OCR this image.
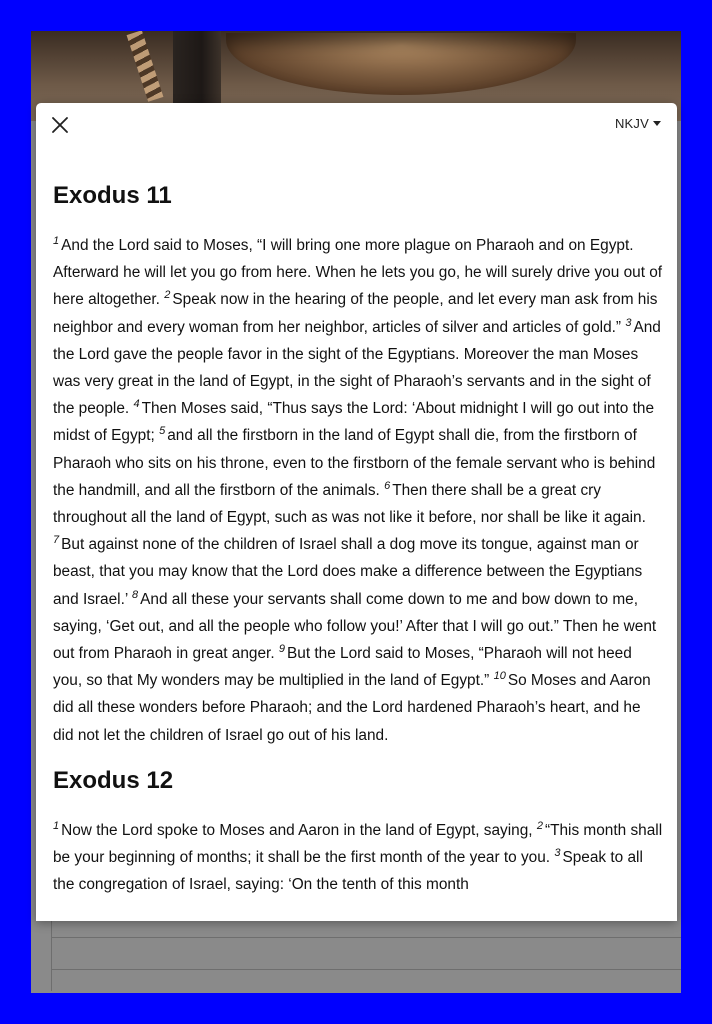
NKJV
Exodus 11

$^1$ And the Lord said to Moses, “I will bring one more plague on Pharaoh and on Egypt. Afterward he will let you go from here. When he lets you go, he will surely drive you out of here altogether. $^2$ Speak now in the hearing of the people, and let every man ask from his neighbor and every woman from her neighbor, articles of silver and articles of gold.” $^3$ And the Lord gave the people favor in the sight of the Egyptians. Moreover the man Moses was very great in the land of Egypt, in the sight of Pharaoh’s servants and in the sight of the people. $^4$ Then Moses said, “Thus says the Lord: ‘About midnight I will go out into the midst of Egypt; $^5$ and all the firstborn in the land of Egypt shall die, from the firstborn of Pharaoh who sits on his throne, even to the firstborn of the female servant who is behind the handmill, and all the firstborn of the animals. $^6$ Then there shall be a great cry throughout all the land of Egypt, such as was not like it before, nor shall be like it again. $^7$ But against none of the children of Israel shall a dog move its tongue, against man or beast, that you may know that the Lord does make a difference between the Egyptians and Israel.’ $^8$ And all these your servants shall come down to me and bow down to me, saying, ‘Get out, and all the people who follow you!’ After that I will go out.” Then he went out from Pharaoh in great anger. $^9$ But the Lord said to Moses, “Pharaoh will not heed you, so that My wonders may be multiplied in the land of Egypt.” $^{10}$ So Moses and Aaron did all these wonders before Pharaoh; and the Lord hardened Pharaoh’s heart, and he did not let the children of Israel go out of his land.

Exodus 12

$^1$ Now the Lord spoke to Moses and Aaron in the land of Egypt, saying, $^2$ “This month shall be your beginning of months; it shall be the first month of the year to you. $^3$ Speak to all the congregation of Israel, saying: ‘On the tenth of this month
